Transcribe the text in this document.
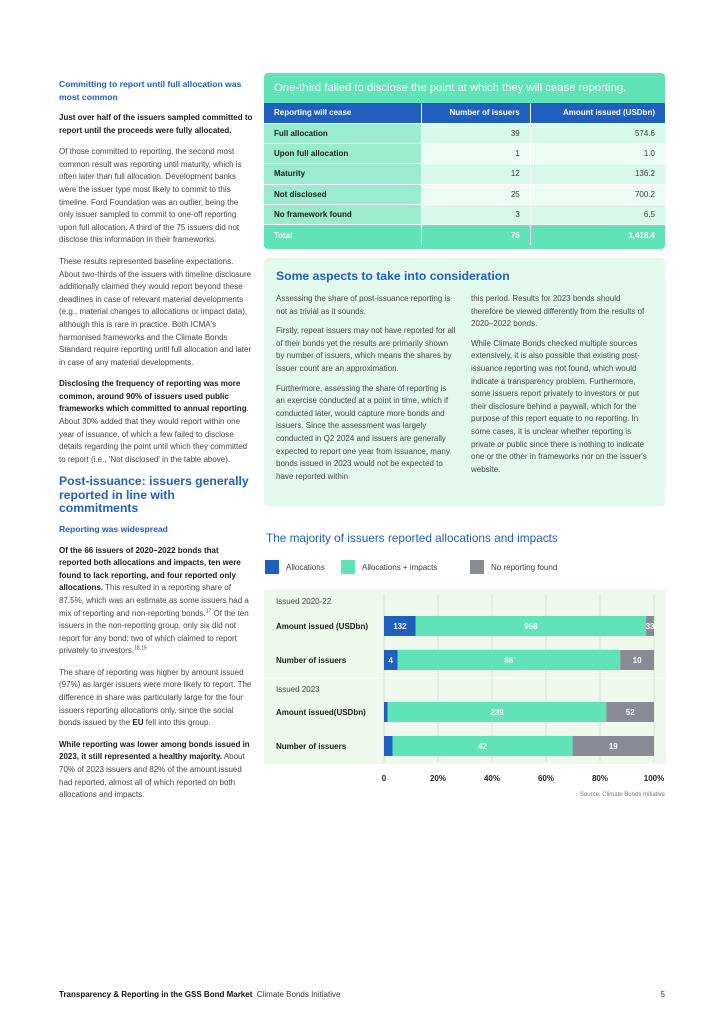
Committing to report until full allocation was most common

Just over half of the issuers sampled committed to report until the proceeds were fully allocated.

Of those committed to reporting, the second most common result was reporting until maturity, which is often later than full allocation. Development banks were the issuer type most likely to commit to this timeline. Ford Foundation was an outlier, being the only issuer sampled to commit to one-off reporting upon full allocation. A third of the 75 issuers did not disclose this information in their frameworks.

These results represented baseline expectations. About two-thirds of the issuers with timeline disclosure additionally claimed they would report beyond these deadlines in case of relevant material developments (e.g., material changes to allocations or impact data), although this is rare in practice. Both ICMA's harmonised frameworks and the Climate Bonds Standard require reporting until full allocation and later in case of any material developments.

Disclosing the frequency of reporting was more common, around 90% of issuers used public frameworks which committed to annual reporting. About 30% added that they would report within one year of issuance, of which a few failed to disclose details regarding the point until which they committed to report (i.e., 'Not disclosed' in the table above).

Post-issuance: issuers generally reported in line with commitments
Reporting was widespread

Of the 66 issuers of 2020–2022 bonds that reported both allocations and impacts, ten were found to lack reporting, and four reported only allocations. This resulted in a reporting share of 87.5%, which was an estimate as some issuers had a mix of reporting and non-reporting bonds.$^{17}$ Of the ten issuers in the non-reporting group, only six did not report for any bond; two of which claimed to report privately to investors.$^{18,19}$

The share of reporting was higher by amount issued (97%) as larger issuers were more likely to report. The difference in share was particularly large for the four issuers reporting allocations only, since the social bonds issued by the EU fell into this group.

While reporting was lower among bonds issued in 2023, it still represented a healthy majority. About 70% of 2023 issuers and 82% of the amount issued had reported, almost all of which reported on both allocations and impacts.

One-third failed to disclose the point at which they will cease reporting.
Reporting will cease	Number of issuers	Amount issued (USDbn)
Full allocation	39	574.6
Upon full allocation	1	1.0
Maturity	12	136.2
Not disclosed	25	700.2
No framework found	3	6.5
Total	75	1,418.4
Some aspects to take into consideration

Assessing the share of post-issuance reporting is not as trivial as it sounds.

Firstly, repeat issuers may not have reported for all of their bonds yet the results are primarily shown by number of issuers, which means the shares by issuer count are an approximation.

Furthermore, assessing the share of reporting is an exercise conducted at a point in time, which if conducted later, would capture more bonds and issuers. Since the assessment was largely conducted in Q2 2024 and issuers are generally expected to report one year from issuance, many bonds issued in 2023 would not be expected to have reported within

this period. Results for 2023 bonds should therefore be viewed differently from the results of 2020–2022 bonds.

While Climate Bonds checked multiple sources extensively, it is also possible that existing post-issuance reporting was not found, which would indicate a transparency problem. Furthermore, some issuers report privately to investors or put their disclosure behind a paywall, which for the purpose of this report equate to no reporting. In some cases, it is unclear whether reporting is private or public since there is nothing to indicate one or the other in frameworks nor on the issuer's website.

The majority of issuers reported allocations and impacts
Allocations	Allocations + impacts	No reporting found
Issued 2020-22
Issued 2023
0	20%	40%	60%	80%	100%
Amount issued (USDbn)	132	958	33
Number of issuers	4	66	10
Amount issued(USDbn)	239	52
Number of issuers	42	19
Source: Climate Bonds Initiative
Transparency & Reporting in the GSS Bond Market Climate Bonds Initiative	5
